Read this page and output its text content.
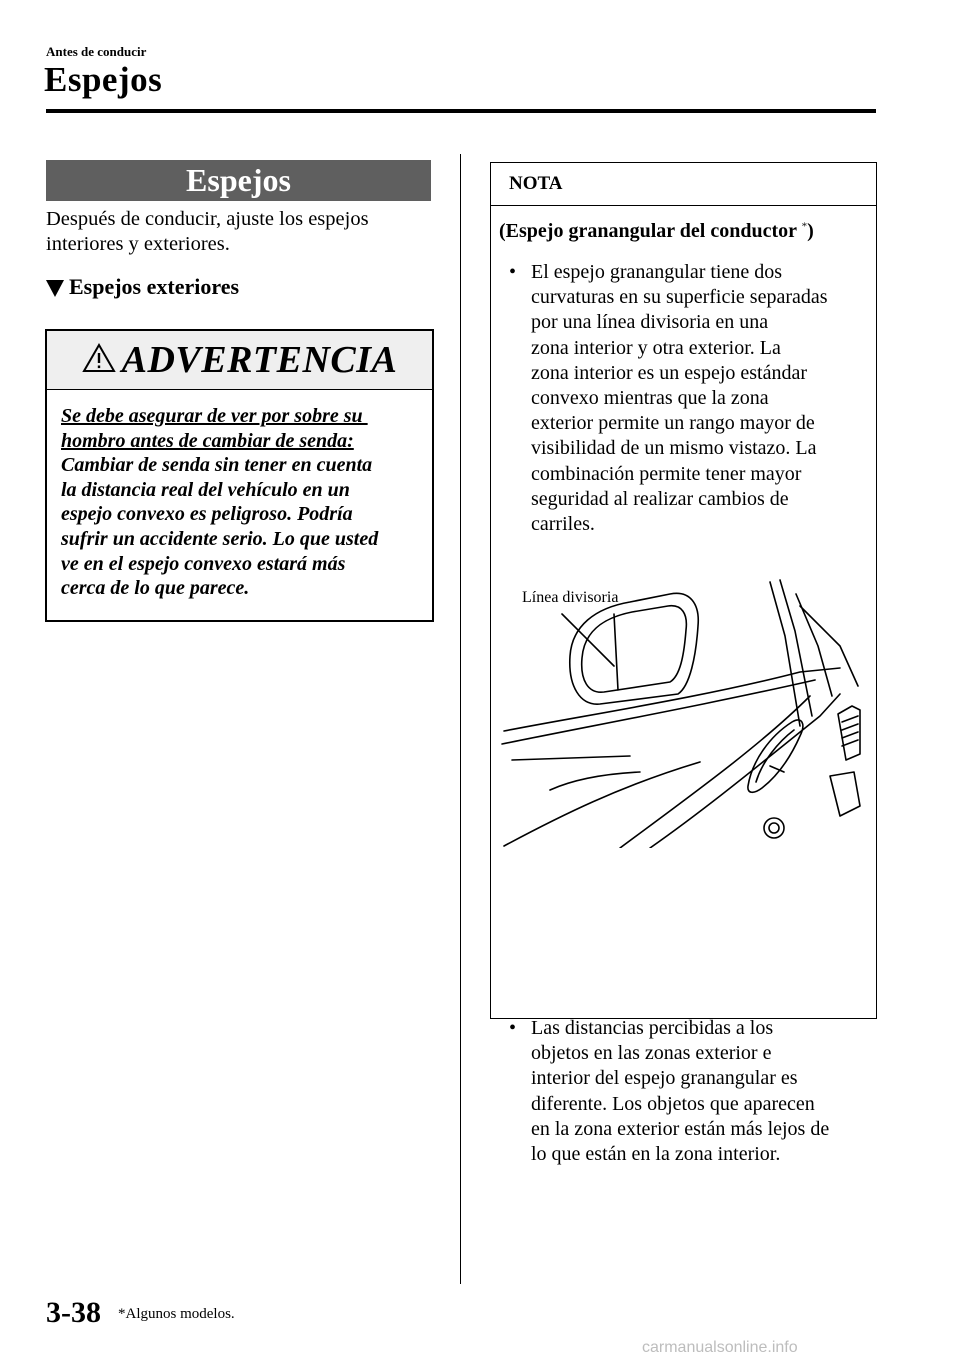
Antes de conducir
Espejos
Espejos
Después de conducir, ajuste los espejos
interiores y exteriores.
Espejos exteriores
ADVERTENCIA
Se debe asegurar de ver por sobre su
hombro antes de cambiar de senda:
Cambiar de senda sin tener en cuenta
la distancia real del vehículo en un
espejo convexo es peligroso. Podría
sufrir un accidente serio. Lo que usted
ve en el espejo convexo estará más
cerca de lo que parece.
NOTA
(Espejo granangular del conductor *)
• El espejo granangular tiene dos
curvaturas en su superficie separadas
por una línea divisoria en una
zona interior y otra exterior. La
zona interior es un espejo estándar
convexo mientras que la zona
exterior permite un rango mayor de
visibilidad de un mismo vistazo. La
combinación permite tener mayor
seguridad al realizar cambios de
carriles.
• Las distancias percibidas a los
objetos en las zonas exterior e
interior del espejo granangular es
diferente. Los objetos que aparecen
en la zona exterior están más lejos de
lo que están en la zona interior.
Línea divisoria
3-38 *Algunos modelos.
carmanualsonline.info
